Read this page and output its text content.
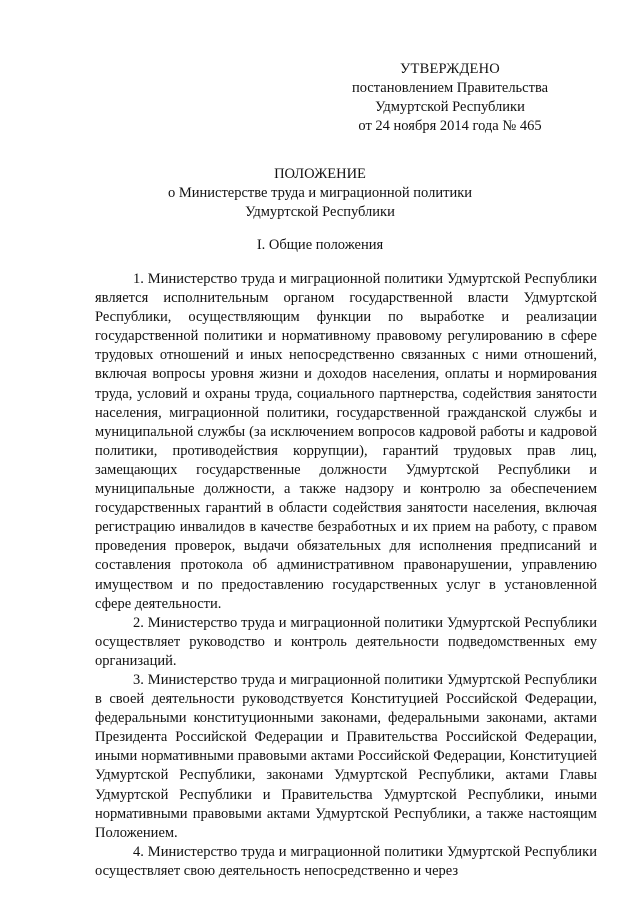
УТВЕРЖДЕНО
постановлением Правительства
Удмуртской Республики
от 24 ноября 2014 года № 465
ПОЛОЖЕНИЕ
о Министерстве труда и миграционной политики
Удмуртской Республики
I. Общие положения

1. Министерство труда и миграционной политики Удмуртской Республики является исполнительным органом государственной власти Удмуртской Республики, осуществляющим функции по выработке и реализации государственной политики и нормативному правовому регулированию в сфере трудовых отношений и иных непосредственно связанных с ними отношений, включая вопросы уровня жизни и доходов населения, оплаты и нормирования труда, условий и охраны труда, социального партнерства, содействия занятости населения, миграционной политики, государственной гражданской службы и муниципальной службы (за исключением вопросов кадровой работы и кадровой политики, противодействия коррупции), гарантий трудовых прав лиц, замещающих государственные должности Удмуртской Республики и муниципальные должности, а также надзору и контролю за обеспечением государственных гарантий в области содействия занятости населения, включая регистрацию инвалидов в качестве безработных и их прием на работу, с правом проведения проверок, выдачи обязательных для исполнения предписаний и составления протокола об административном правонарушении, управлению имуществом и по предоставлению государственных услуг в установленной сфере деятельности.

2. Министерство труда и миграционной политики Удмуртской Республики осуществляет руководство и контроль деятельности подведомственных ему организаций.

3. Министерство труда и миграционной политики Удмуртской Республики в своей деятельности руководствуется Конституцией Российской Федерации, федеральными конституционными законами, федеральными законами, актами Президента Российской Федерации и Правительства Российской Федерации, иными нормативными правовыми актами Российской Федерации, Конституцией Удмуртской Республики, законами Удмуртской Республики, актами Главы Удмуртской Республики и Правительства Удмуртской Республики, иными нормативными правовыми актами Удмуртской Республики, а также настоящим Положением.

4. Министерство труда и миграционной политики Удмуртской Республики осуществляет свою деятельность непосредственно и через
